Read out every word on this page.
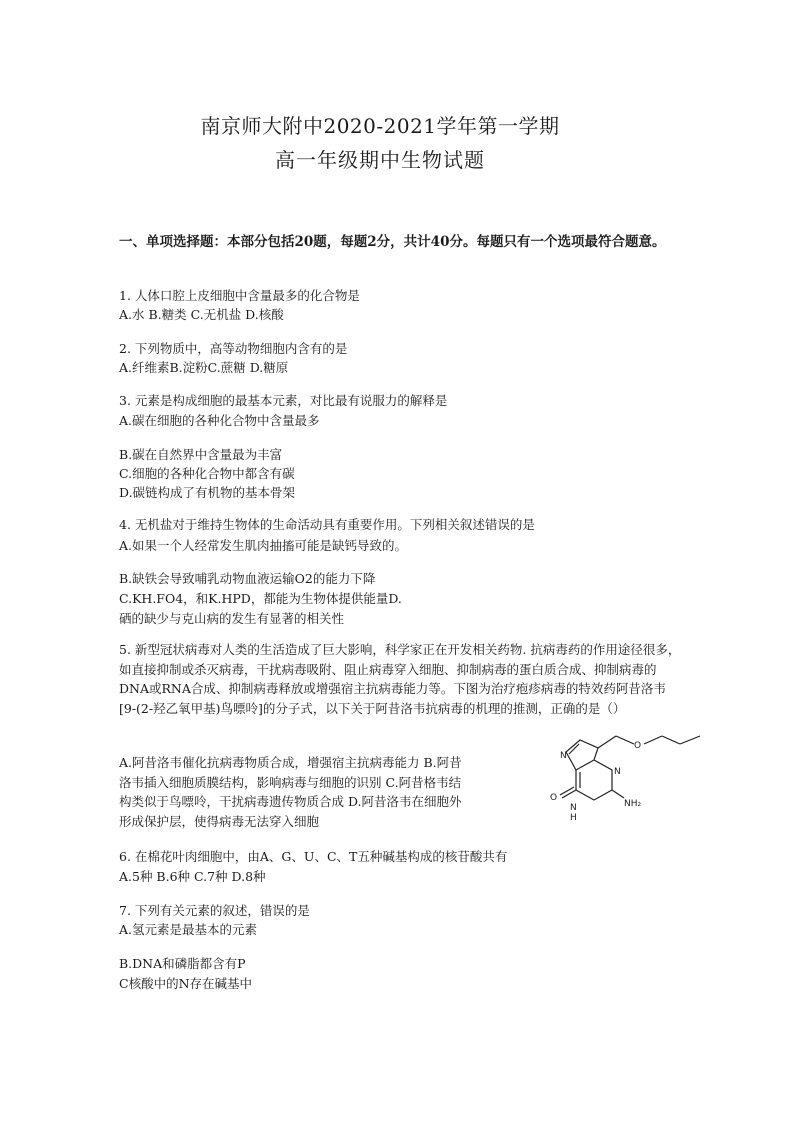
南京师大附中2020-2021学年第一学期
高一年级期中生物试题
一、单项选择题：本部分包括20题，每题2分，共计40分。每题只有一个选项最符合题意。
1. 人体口腔上皮细胞中含量最多的化合物是
A.水 B.糖类 C.无机盐 D.核酸
2. 下列物质中，高等动物细胞内含有的是
A.纤维素B.淀粉C.蔗糖 D.糖原
3. 元素是构成细胞的最基本元素，对比最有说服力的解释是
A.碳在细胞的各种化合物中含量最多
B.碳在自然界中含量最为丰富
C.细胞的各种化合物中都含有碳
D.碳链构成了有机物的基本骨架
4. 无机盐对于维持生物体的生命活动具有重要作用。下列相关叙述错误的是
A.如果一个人经常发生肌肉抽搐可能是缺钙导致的。
B.缺铁会导致哺乳动物血液运输O2的能力下降
C.KH.FO4，和K.HPD，都能为生物体提供能量D.
硒的缺少与克山病的发生有显著的相关性
5. 新型冠状病毒对人类的生活造成了巨大影响，科学家正在开发相关药物. 抗病毒药的作用途径很多，如直接抑制或杀灭病毒，干扰病毒吸附、阻止病毒穿入细胞、抑制病毒的蛋白质合成、抑制病毒的DNA或RNA合成、抑制病毒释放或增强宿主抗病毒能力等。下图为治疗疱疹病毒的特效药阿昔洛韦[9-(2-羟乙氧甲基)鸟嘌呤]的分子式，以下关于阿昔洛韦抗病毒的机理的推测，正确的是（）
A.阿昔洛韦催化抗病毒物质合成，增强宿主抗病毒能力 B.阿昔洛韦插入细胞质膜结构，影响病毒与细胞的识别 C.阿昔格韦结构类似于鸟嘌呤，干扰病毒遗传物质合成 D.阿昔洛韦在细胞外形成保护层，使得病毒无法穿入细胞
N
O
O
N
H
N
NH₂
6. 在棉花叶肉细胞中，由A、G、U、C、T五种碱基构成的核苷酸共有
A.5种 B.6种 C.7种 D.8种
7. 下列有关元素的叙述，错误的是
A.氢元素是最基本的元素
B.DNA和磷脂都含有P
C核酸中的N存在碱基中
